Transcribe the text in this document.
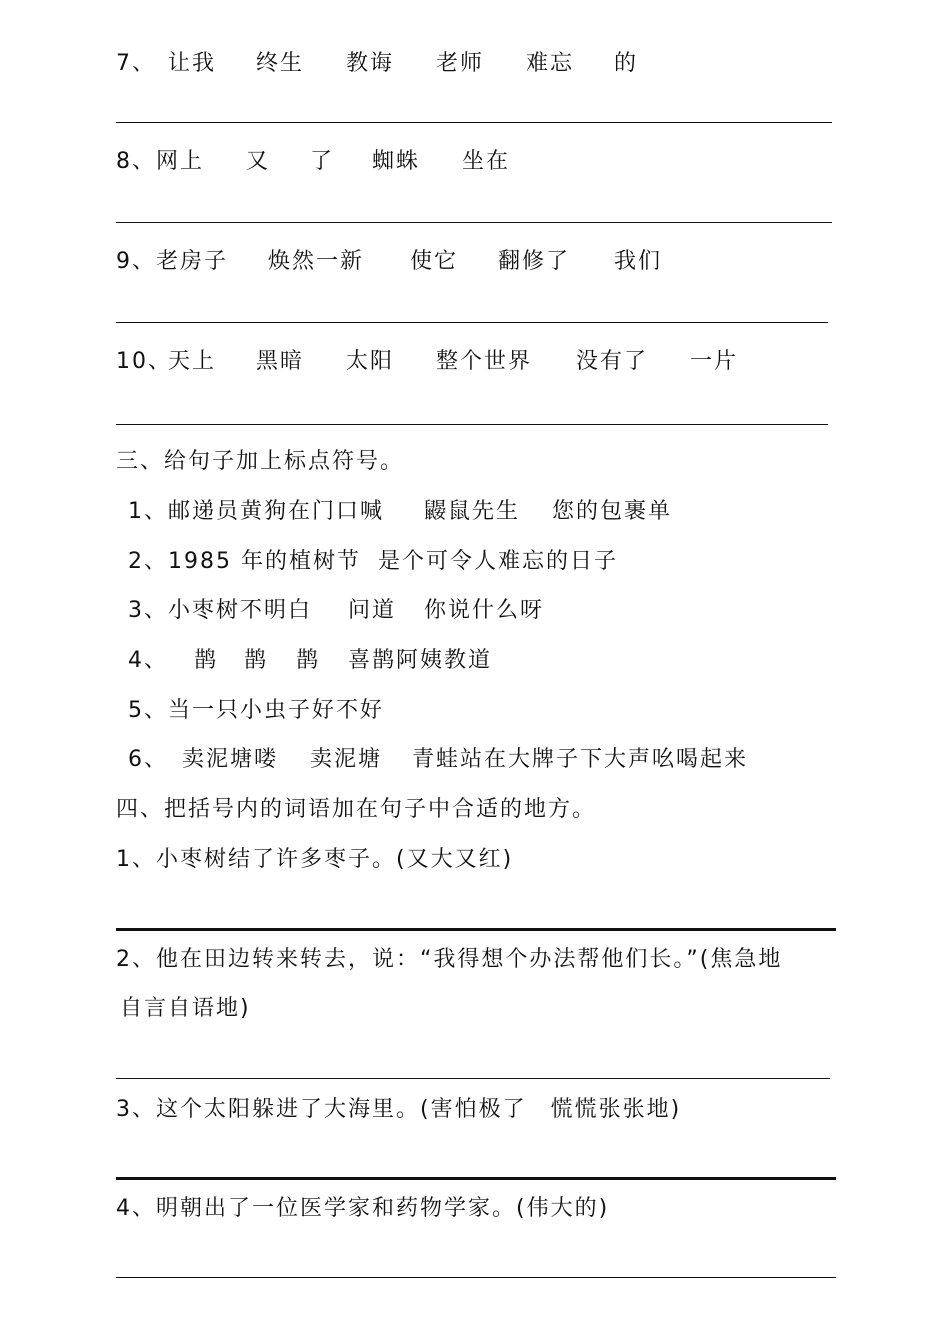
7、 让我 终生 教诲 老师 难忘 的
8、 网上 又 了 蜘蛛 坐在
9、 老房子 焕然一新 使它 翻修了 我们
10、
天上 黑暗 太阳 整个世界 没有了 一片
三、给句子加上标点符号。
1、 邮递员黄狗在门口喊 鼹鼠先生 您的包裹单
2、 1985 年的植树节 是个可令人难忘的日子
3、 小枣树不明白 问道 你说什么呀
4、 鹊 鹊 鹊 喜鹊阿姨教道
5、 当一只小虫子好不好
6、 卖泥塘喽 卖泥塘 青蛙站在大牌子下大声吆喝起来
四、把括号内的词语加在句子中合适的地方。
1、小枣树结了许多枣子。(又大又红)
2、他在田边转来转去，说：“我得想个办法帮他们长。”(焦急地
自言自语地)
3、这个太阳躲进了大海里。(害怕极了　慌慌张张地)
4、明朝出了一位医学家和药物学家。(伟大的)
